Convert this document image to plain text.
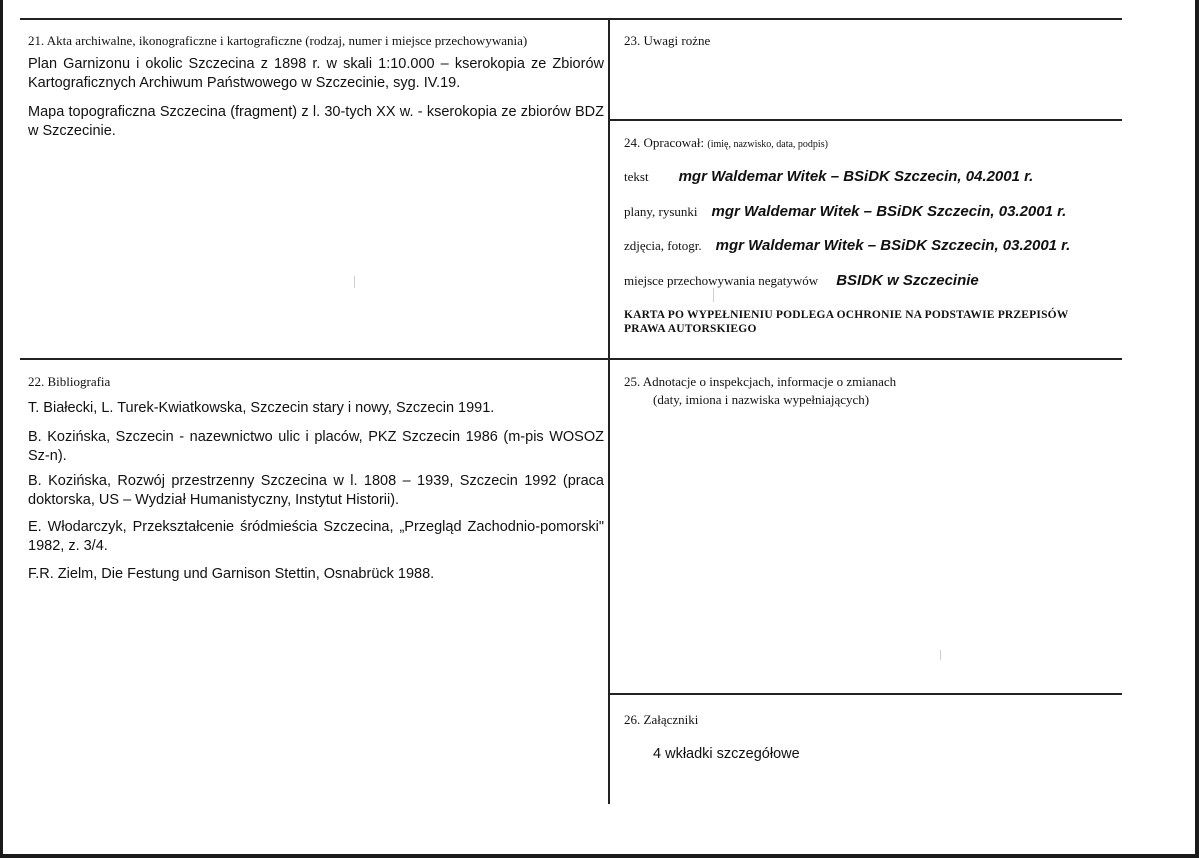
21. Akta archiwalne, ikonograficzne i kartograficzne (rodzaj, numer i miejsce przechowywania)
Plan Garnizonu i okolic Szczecina z 1898 r. w skali 1:10.000 – kserokopia ze Zbiorów Kartograficznych Archiwum Państwowego w Szczecinie, syg. IV.19.
Mapa topograficzna Szczecina (fragment) z l. 30-tych XX w. - kserokopia ze zbiorów BDZ w Szczecinie.
23. Uwagi rożne
24. Opracował: (imię, nazwisko, data, podpis)
tekst mgr Waldemar Witek – BSiDK Szczecin, 04.2001 r.
plany, rysunki mgr Waldemar Witek – BSiDK Szczecin, 03.2001 r.
zdjęcia, fotogr. mgr Waldemar Witek – BSiDK Szczecin, 03.2001 r.
miejsce przechowywania negatywów BSIDK w Szczecinie
KARTA PO WYPEŁNIENIU PODLEGA OCHRONIE NA PODSTAWIE PRZEPISÓW
PRAWA AUTORSKIEGO
22. Bibliografia
T. Białecki, L. Turek-Kwiatkowska, Szczecin stary i nowy, Szczecin 1991.
B. Kozińska, Szczecin - nazewnictwo ulic i placów, PKZ Szczecin 1986 (m-pis WOSOZ Sz-n).
B. Kozińska, Rozwój przestrzenny Szczecina w l. 1808 – 1939, Szczecin 1992 (praca doktorska, US – Wydział Humanistyczny, Instytut Historii).
E. Włodarczyk, Przekształcenie śródmieścia Szczecina, „Przegląd Zachodnio-pomorski" 1982, z. 3/4.
F.R. Zielm, Die Festung und Garnison Stettin, Osnabrück 1988.
25. Adnotacje o inspekcjach, informacje o zmianach
(daty, imiona i nazwiska wypełniających)
26. Załączniki
4 wkładki szczegółowe
